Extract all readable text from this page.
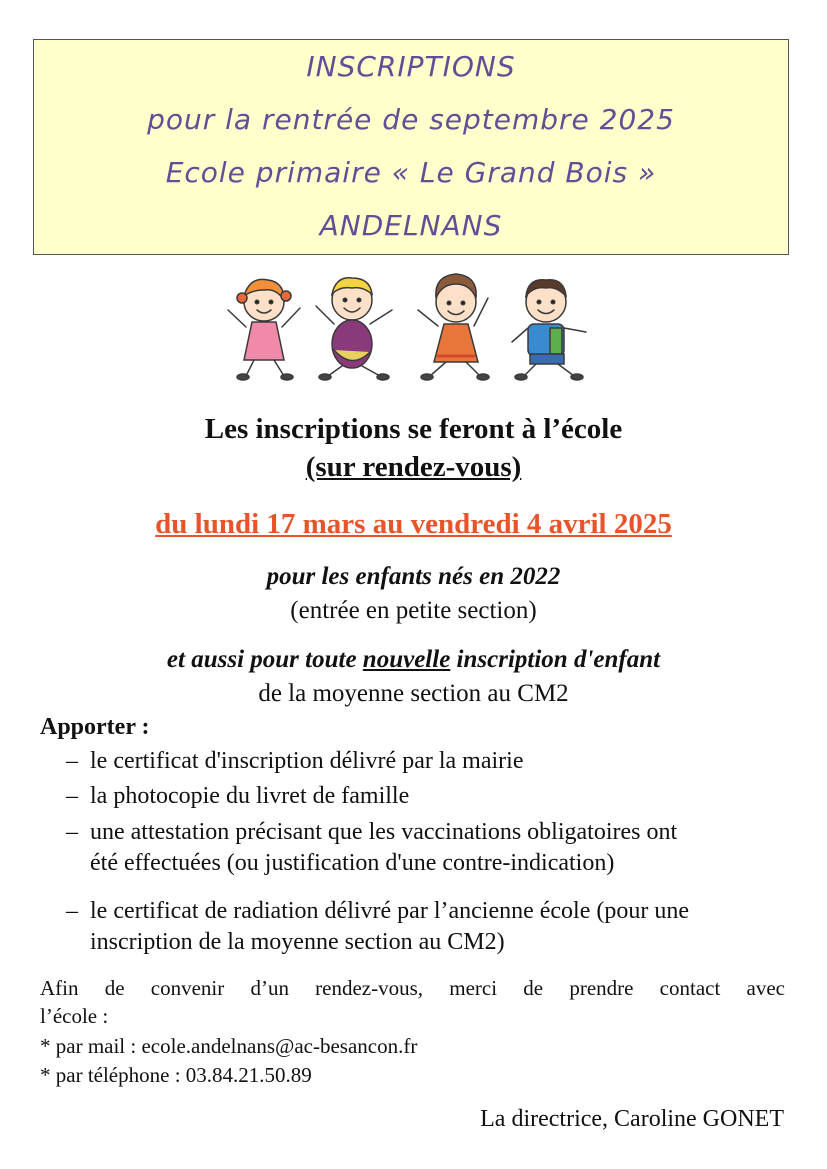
INSCRIPTIONS
pour la rentrée de septembre 2025
Ecole primaire « Le Grand Bois »
ANDELNANS
Les inscriptions se feront à l’école
(sur rendez-vous)
du lundi 17 mars au vendredi 4 avril 2025
pour les enfants nés en 2022
(entrée en petite section)
et aussi pour toute nouvelle inscription d'enfant
de la moyenne section au CM2
Apporter :
– le certificat d'inscription délivré par la mairie
– la photocopie du livret de famille
– une attestation précisant que les vaccinations obligatoires ont
été effectuées (ou justification d'une contre-indication)
– le certificat de radiation délivré par l’ancienne école (pour une
inscription de la moyenne section au CM2)
Afin de convenir d’un rendez-vous, merci de prendre contact avec
l’école :
* par mail : ecole.andelnans@ac-besancon.fr
* par téléphone : 03.84.21.50.89
La directrice, Caroline GONET
